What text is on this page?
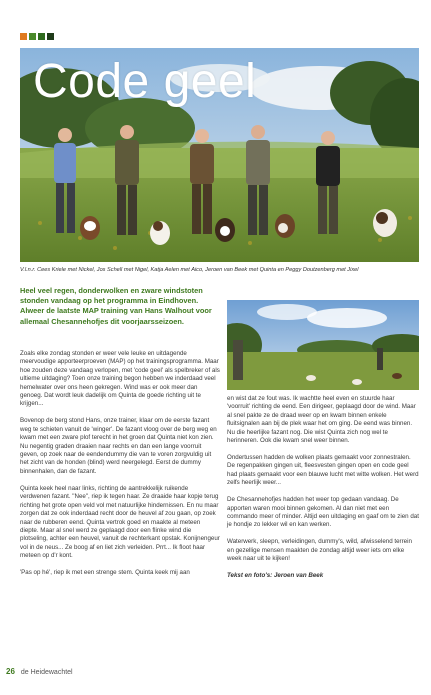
Code geel
V.l.n.r. Cees Kriele met Nickel, Jos Schell met Nigel, Katja Aelen met Aico, Jeroen van Beek met Quinta en Peggy Doutzenberg met Jixel

Heel veel regen, donderwolken en zware windstoten stonden vandaag op het programma in Eindhoven. Alweer de laatste MAP training van Hans Walhout voor allemaal Chesannehofjes dit voorjaarsseizoen.

Zoals elke zondag stonden er weer vele leuke en uitdagende meervoudige apporteerproeven (MAP) op het trainingsprogramma. Maar hoe zouden deze vandaag verlopen, met 'code geel' als spelbreker of als ultieme uitdaging? Toen onze training begon hebben we inderdaad veel hemelwater over ons heen gekregen. Wind was er ook meer dan genoeg. Dat wordt leuk dadelijk om Quinta de goede richting uit te krijgen...

Bovenop de berg stond Hans, onze trainer, klaar om de eerste fazant weg te schieten vanuit de 'winger'. De fazant vloog over de berg weg en kwam met een zware plof terecht in het groen dat Quinta niet kon zien. Nu negentig graden draaien naar rechts en dan een lange voorruit geven, op zoek naar de eendendummy die van te voren zorgvuldig uit het zicht van de honden (blind) werd neergelegd. Eerst de dummy binnenhalen, dan de fazant.

Quinta keek heel naar links, richting de aantrekkelijk ruikende verdwenen fazant. "Nee", riep ik tegen haar. Ze draaide haar kopje terug richting het grote open veld vol met natuurlijke hindernissen. En nu maar zorgen dat ze ook inderdaad recht door de heuvel af zou gaan, op zoek naar de rubberen eend. Quinta vertrok goed en maakte al meteen diepte. Maar al snel werd ze geplaagd door een flinke wind die plotseling, achter een heuvel, vanuit de rechterkant opstak. Konijnengeur vol in de neus... Ze boog af en liet zich verleiden. Prrt... Ik floot haar meteen op d'r kont.

'Pas op hé', riep ik met een strenge stem. Quinta keek mij aan

en wist dat ze fout was. Ik wachtte heel even en stuurde haar 'voorruit' richting de eend. Een dirigeer, geplaagd door de wind. Maar al snel pakte ze de draad weer op en kwam binnen enkele fluitsignalen aan bij de plek waar het om ging. De eend was binnen. Nu die heerlijke fazant nog. Die wist Quinta zich nog wel te herinneren. Ook die kwam snel weer binnen.

Ondertussen hadden de wolken plaats gemaakt voor zonnestralen. De regenpakken gingen uit, fleesvesten gingen open en code geel had plaats gemaakt voor een blauwe lucht met witte wolken. Het werd zelfs heerlijk weer...

De Chesannehofjes hadden het weer top gedaan vandaag. De apporten waren mooi binnen gekomen. Al dan niet met een commando meer of minder. Altijd een uitdaging en gaaf om te zien dat je hondje zo lekker wil en kan werken.

Waterwerk, sleepn, verleidingen, dummy's, wild, afwisselend terrein en gezellige mensen maakten de zondag altijd weer iets om elke week naar uit te kijken!

Tekst en foto's: Jeroen van Beek

26 de Heidewachtel
